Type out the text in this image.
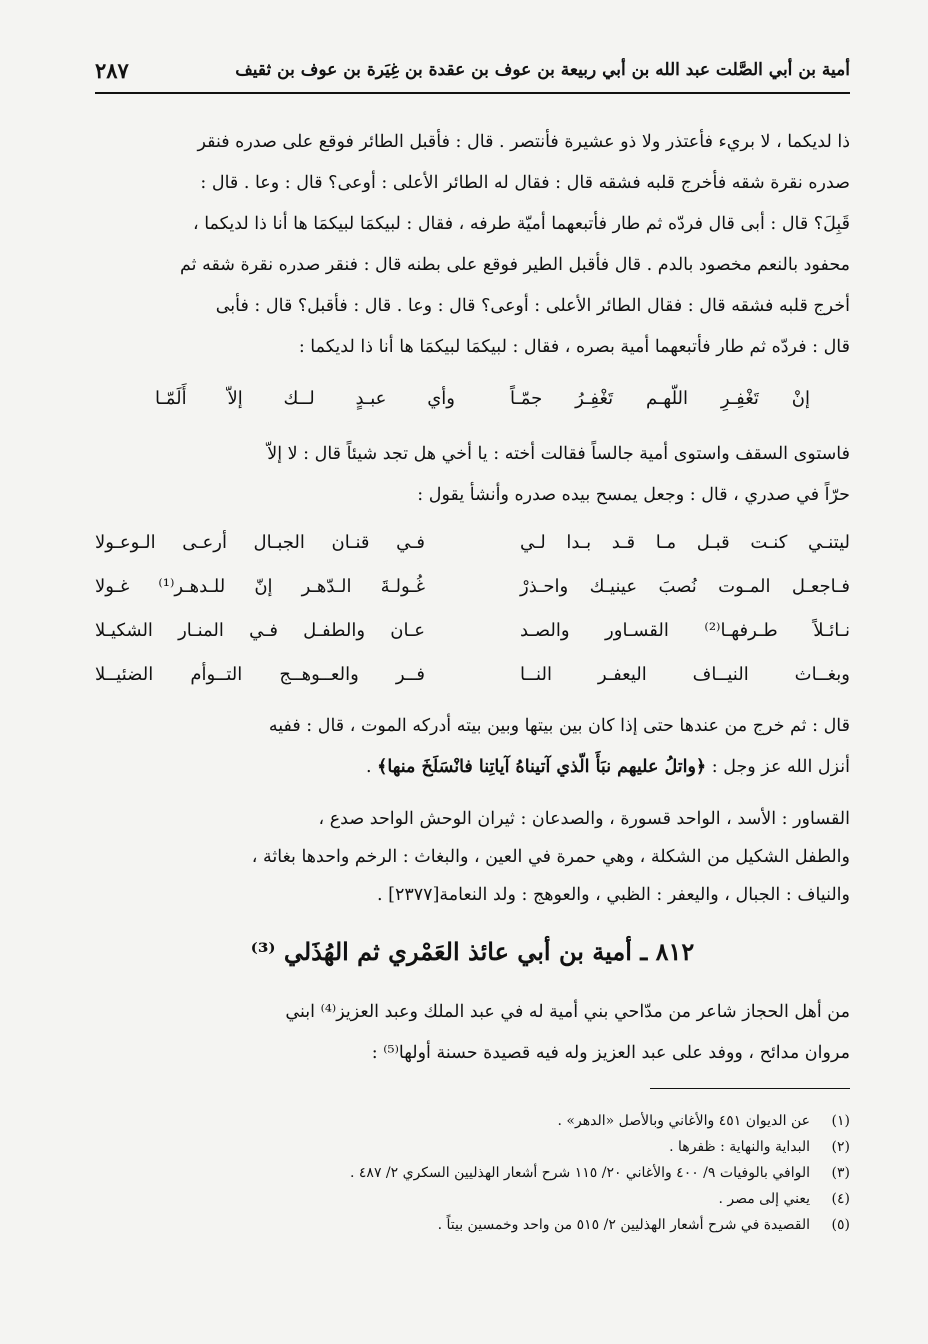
أمية بن أبي الصَّلت عبد الله بن أبي ربيعة بن عوف بن عقدة بن غِيَرة بن عوف بن ثقيف
٢٨٧
ذا لديكما ، لا بريء فأعتذر ولا ذو عشيرة فأنتصر . قال : فأقبل الطائر فوقع على صدره فنقر
صدره نقرة شقه فأخرج قلبه فشقه قال : فقال له الطائر الأعلى : أوعى؟ قال : وعا . قال :
قَبِلَ؟ قال : أبى قال فردّه ثم طار فأتبعهما أميّة طرفه ، فقال : لبيكمَا لبيكمَا ها أنا ذا لديكما ،
محفود بالنعم مخصود بالدم . قال فأقبل الطير فوقع على بطنه قال : فنقر صدره نقرة شقه ثم
أخرج قلبه فشقه قال : فقال الطائر الأعلى : أوعى؟ قال : وعا . قال : فأقبل؟ قال : فأبى
قال : فردّه ثم طار فأتبعهما أمية بصره ، فقال : لبيكمَا لبيكمَا ها أنا ذا لديكما :
إنْ تَغْفِـرِ اللّهـم تَغْفِـرُ جمّـاً
وأي عبـدٍ لــك إلاّ أَلَمّـا
فاستوى السقف واستوى أمية جالساً فقالت أخته : يا أخي هل تجد شيئاً قال : لا إلاّ
حرّاً في صدري ، قال : وجعل يمسح بيده صدره وأنشأ يقول :
ليتنـي كنـت قبـل مـا قـد بـدا لـي
فـي قنـان الجبـال أرعـى الـوعـولا
فـاجعـل المـوت نُصبَ عينيـك واحـذرْ
غُـولـةَ الـدّهـر إنّ للـدهـر⁽¹⁾ غـولا
نـائـلاً طـرفهـا⁽²⁾ القسـاور والصـد
عـان والطفـل فـي المنـار الشكيـلا
وبغــاث النيــاف اليعفـر النــا
فــر والعــوهــج التــوأم الضئيــلا
قال : ثم خرج من عندها حتى إذا كان بين بيتها وبين بيته أدركه الموت ، قال : ففيه
أنزل الله عز وجل : ﴿واتلُ عليهم نبَأَ الّذي آتيناهُ آياتِنا فانْسَلَخَ منها﴾ .
القساور : الأسد ، الواحد قسورة ، والصدعان : ثيران الوحش الواحد صدع ،
والطفل الشكيل من الشكلة ، وهي حمرة في العين ، والبغاث : الرخم واحدها بغاثة ،
والنياف : الجبال ، واليعفر : الظبي ، والعوهج : ولد النعامة[٢٣٧٧] .
٨١٢ ـ أمية بن أبي عائذ العَمْري ثم الهُذَلي ⁽³⁾
من أهل الحجاز شاعر من مدّاحي بني أمية له في عبد الملك وعبد العزيز⁽⁴⁾ ابني
مروان مدائح ، ووفد على عبد العزيز وله فيه قصيدة حسنة أولها⁽⁵⁾ :
(١)عن الديوان ٤٥١ والأغاني وبالأصل «الدهر» .
(٢)البداية والنهاية : ظفرها .
(٣)الوافي بالوفيات ٩/ ٤٠٠ والأغاني ٢٠/ ١١٥ شرح أشعار الهذليين السكري ٢/ ٤٨٧ .
(٤)يعني إلى مصر .
(٥)القصيدة في شرح أشعار الهذليين ٢/ ٥١٥ من واحد وخمسين بيتاً .
